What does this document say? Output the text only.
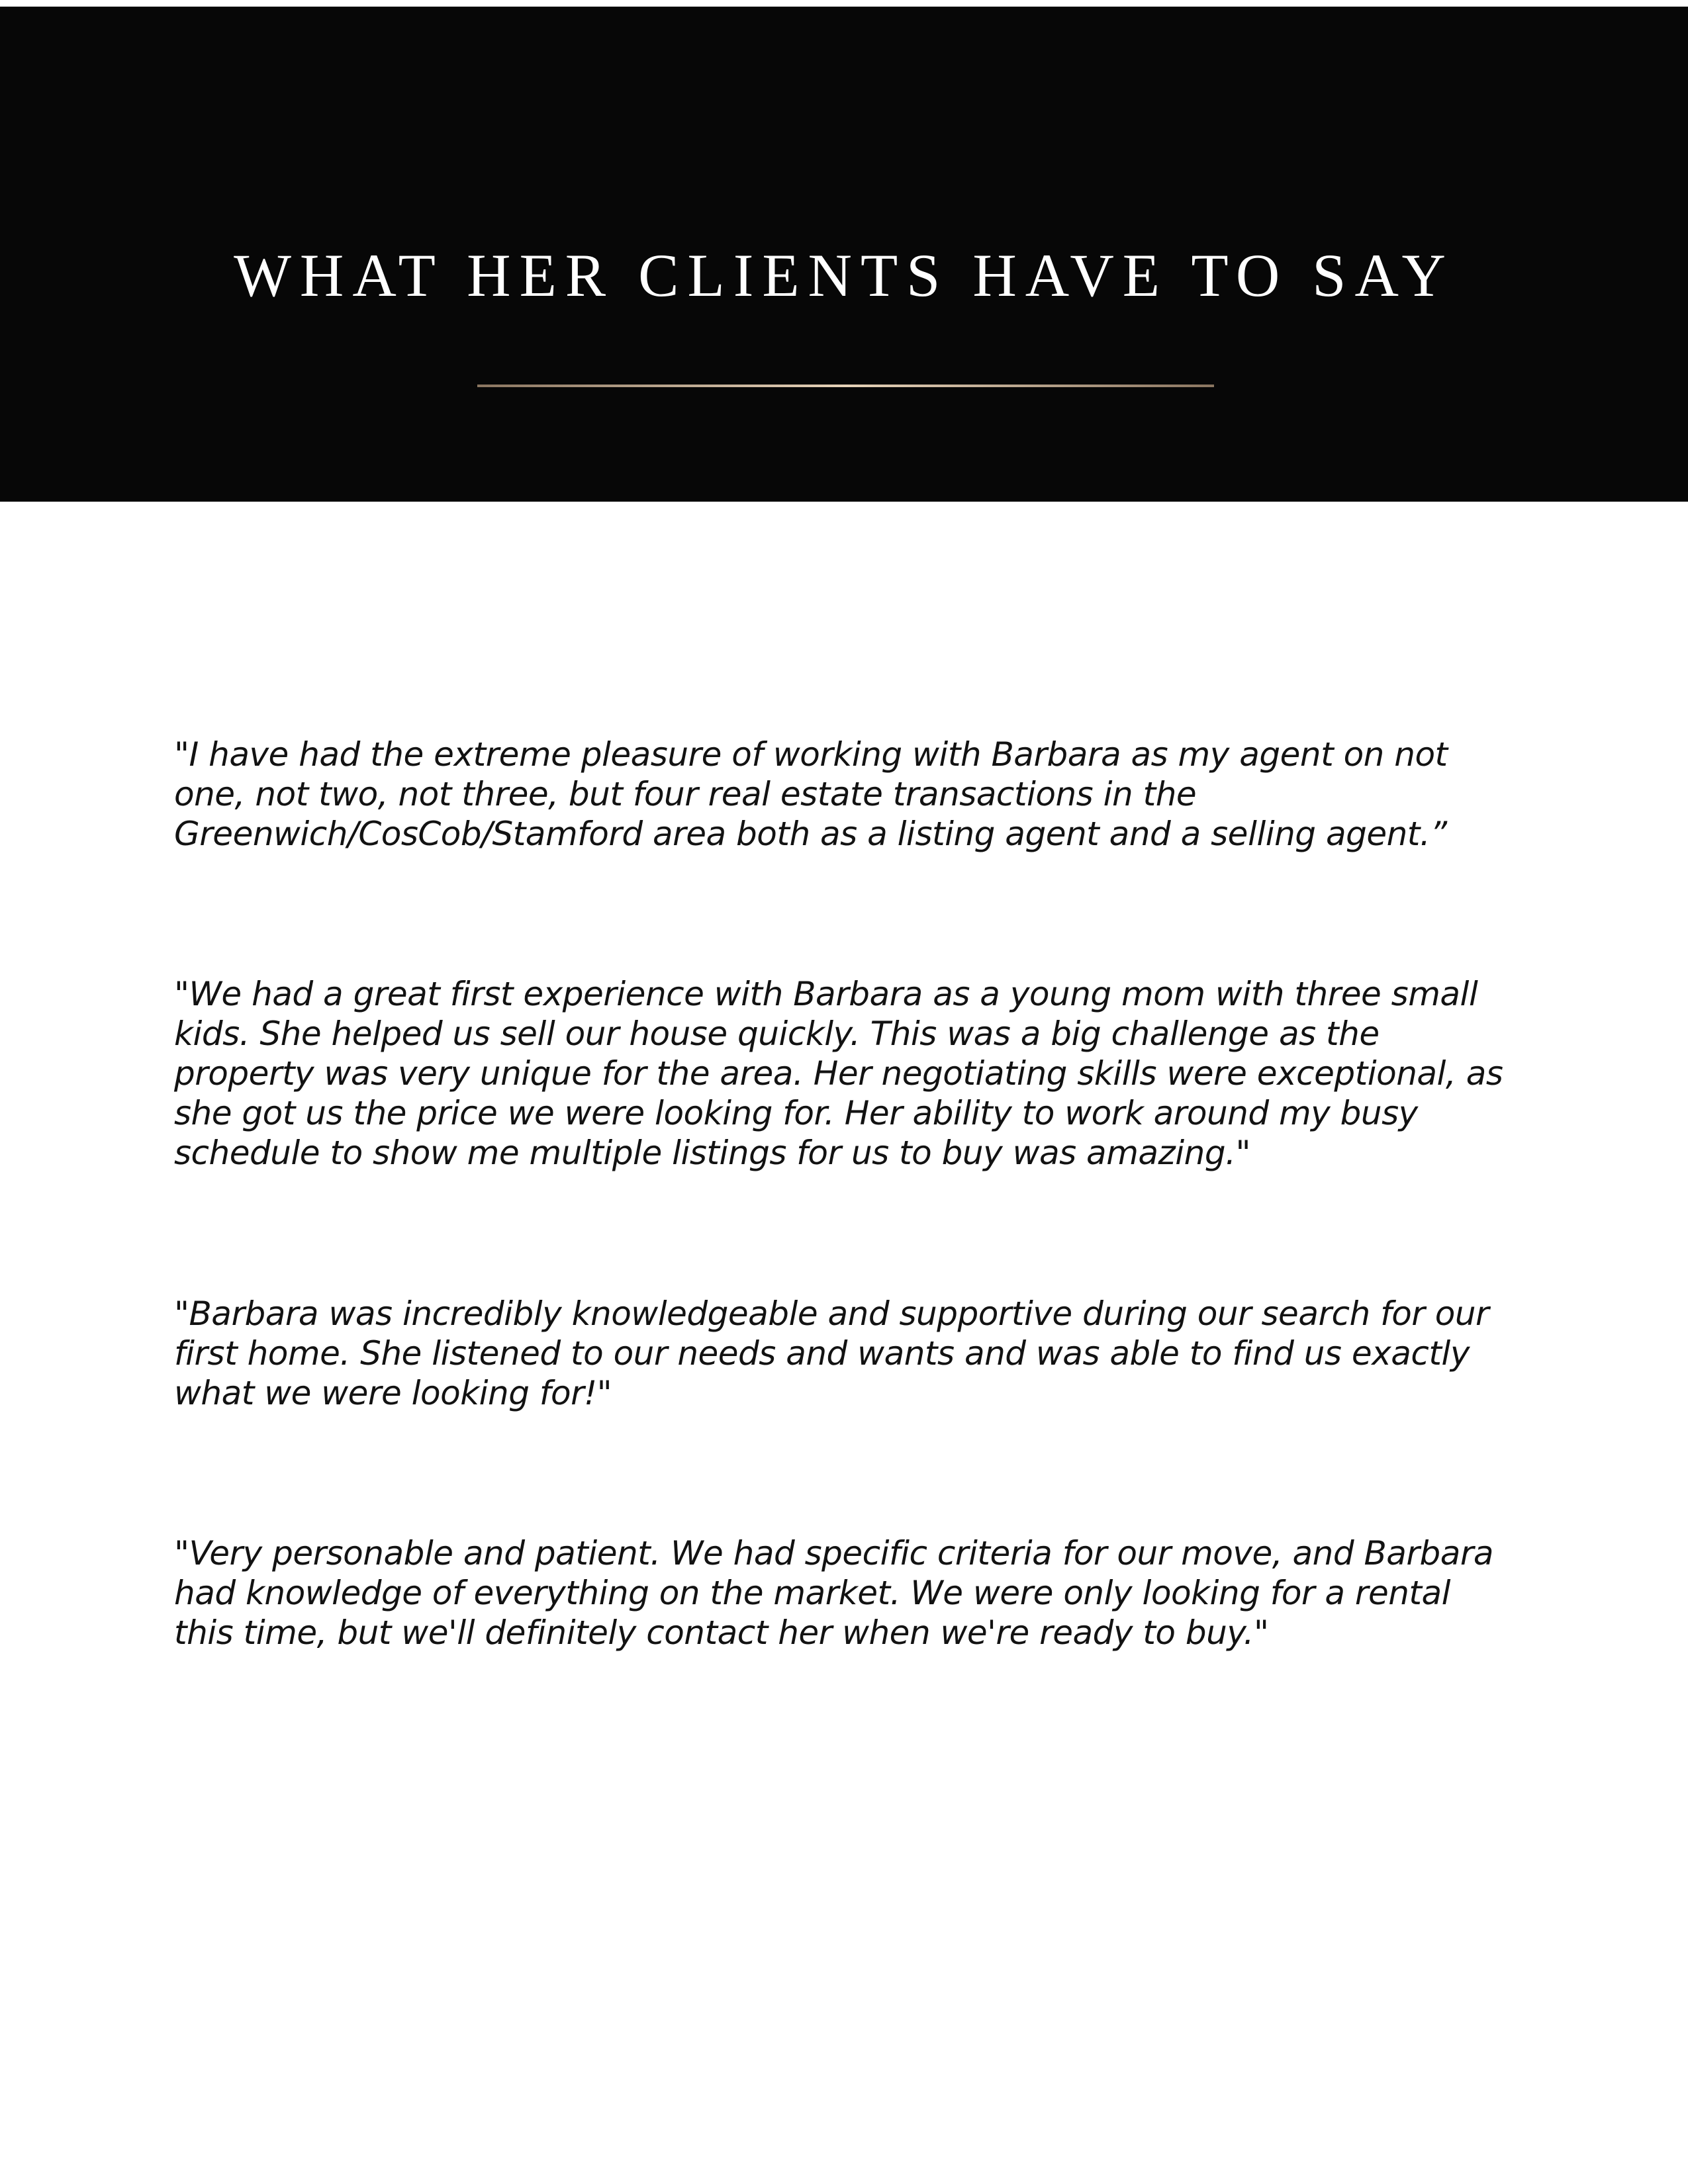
WHAT HER CLIENTS HAVE TO SAY

"I have had the extreme pleasure of working with Barbara as my agent on not one, not two, not three, but four real estate transactions in the Greenwich/CosCob/Stamford area both as a listing agent and a selling agent.”

"We had a great first experience with Barbara as a young mom with three small kids. She helped us sell our house quickly. This was a big challenge as the property was very unique for the area. Her negotiating skills were exceptional, as she got us the price we were looking for. Her ability to work around my busy schedule to show me multiple listings for us to buy was amazing."

"Barbara was incredibly knowledgeable and supportive during our search for our first home. She listened to our needs and wants and was able to find us exactly what we were looking for!"

"Very personable and patient. We had specific criteria for our move, and Barbara had knowledge of everything on the market. We were only looking for a rental this time, but we'll definitely contact her when we're ready to buy."
